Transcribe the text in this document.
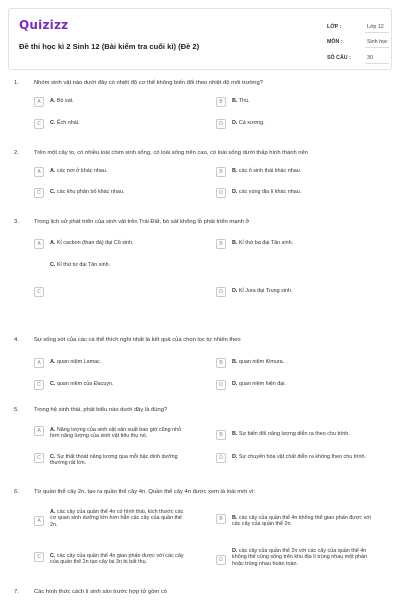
Quizizz
Đề thi học kì 2 Sinh 12 (Bài kiểm tra cuối kì) (Đề 2)
LỚP :	Lớp 12
MÔN :	Sinh học
SỐ CÂU :	30
1.	Nhóm sinh vật nào dưới đây có nhiệt độ cơ thể không biến đổi theo nhiệt độ môi trường?
A	A. Bò sát.	B	B. Thú.
C	C. Ếch nhái.	D	D. Cá xương.
2.	Trên một cây to, có nhiều loài chim sinh sống, có loài sống trên cao, có loài sống dưới thấp hình thành nên
A	A. các nơi ở khác nhau.	B	B. các ổ sinh thái khác nhau.
C	C. các khu phân bố khác nhau.	D	D. các vùng địa lí khác nhau.
3.	Trong lịch sử phát triển của sinh vật trên Trái Đất, bò sát khổng lồ phát triển mạnh ở
A	A. Kỉ cacbon (than đá) đại Cổ sinh.	B	B. Kỉ thứ ba đại Tân sinh.
C. Kỉ thứ tư đại Tân sinh.
C	D	D. Kỉ Jura đại Trung sinh.
4.	Sự sống sót của các cá thể thích nghi nhất là kết quả của chọn lọc tự nhiên theo
A	A. quan niệm Lamac.	B	B. quan niệm Kimura.
C	C. quan niệm của Đacuyn.	D	D. quan niệm hiện đại.
5.	Trong hệ sinh thái, phát biểu nào dưới đây là đúng?
A	A. Năng lượng của sinh vật sản xuất bao giờ cũng nhỏ hơn năng lượng của sinh vật tiêu thụ nó.	B	B. Sự biến đổi năng lượng diễn ra theo chu trình.
C	C. Sự thất thoát năng lượng qua mỗi bậc dinh dưỡng thường rất lớn.
D	D. Sự chuyển hóa vật chất diễn ra không theo chu trình.
6.	Từ quần thể cây 2n, tạo ra quần thể cây 4n. Quần thể cây 4n được xem là loài mới vì:
A
A. các cây của quần thể 4n có hình thái, kích thước các cơ quan sinh dưỡng lớn hơn hẳn các cây của quần thể 2n.
B	B. các cây của quần thể 4n không thể giao phấn được với các cây của quần thể 2n.
C	C. các cây của quần thể 4n giao phấn được với các cây của quần thể 2n tạo cây lai 3n bị bất thụ.	D
D. các cây của quần thể 2n với các cây của quần thể 4n không thể cùng sống trên khu địa lí trùng nhau một phần hoặc trùng nhau hoàn toàn.
7.	Các hình thức cách li sinh sản trước hợp tử gồm có
